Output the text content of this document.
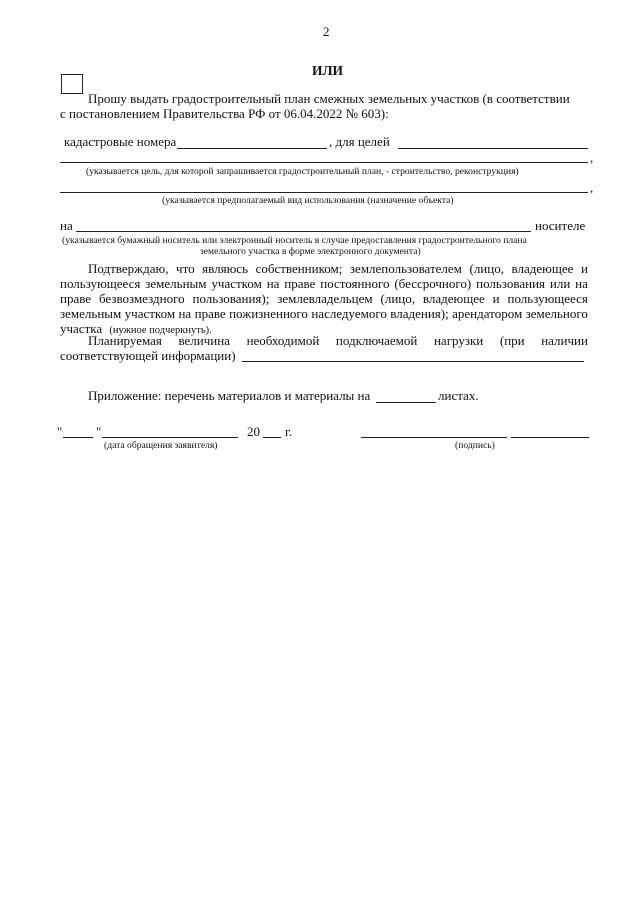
2
ИЛИ
Прошу выдать градостроительный план смежных земельных участков (в соответствии
с постановлением Правительства РФ от 06.04.2022 № 603):
кадастровые номера	, для целей
,
(указывается цель, для которой запрашивается градостроительный план, - строительство, реконструкция)
,
(указывается предполагаемый вид использования (назначение объекта)
на	носителе
(указывается бумажный носитель или электронный носитель в случае предоставления градостроительного плана
земельного участка в форме электронного документа)
Подтверждаю, что являюсь собственником; землепользователем (лицо, владеющее и
пользующееся земельным участком на праве постоянного (бессрочного) пользования или на
праве безвозмездного пользования); землевладельцем (лицо, владеющее и пользующееся
земельным участком на праве пожизненного наследуемого владения); арендатором земельного
участка (нужное подчеркнуть).
Планируемая величина необходимой подключаемой нагрузки (при наличии
соответствующей информации)
Приложение: перечень материалов и материалы на	листах.
"	"	20 г.
(дата обращения заявителя)	(подпись)
